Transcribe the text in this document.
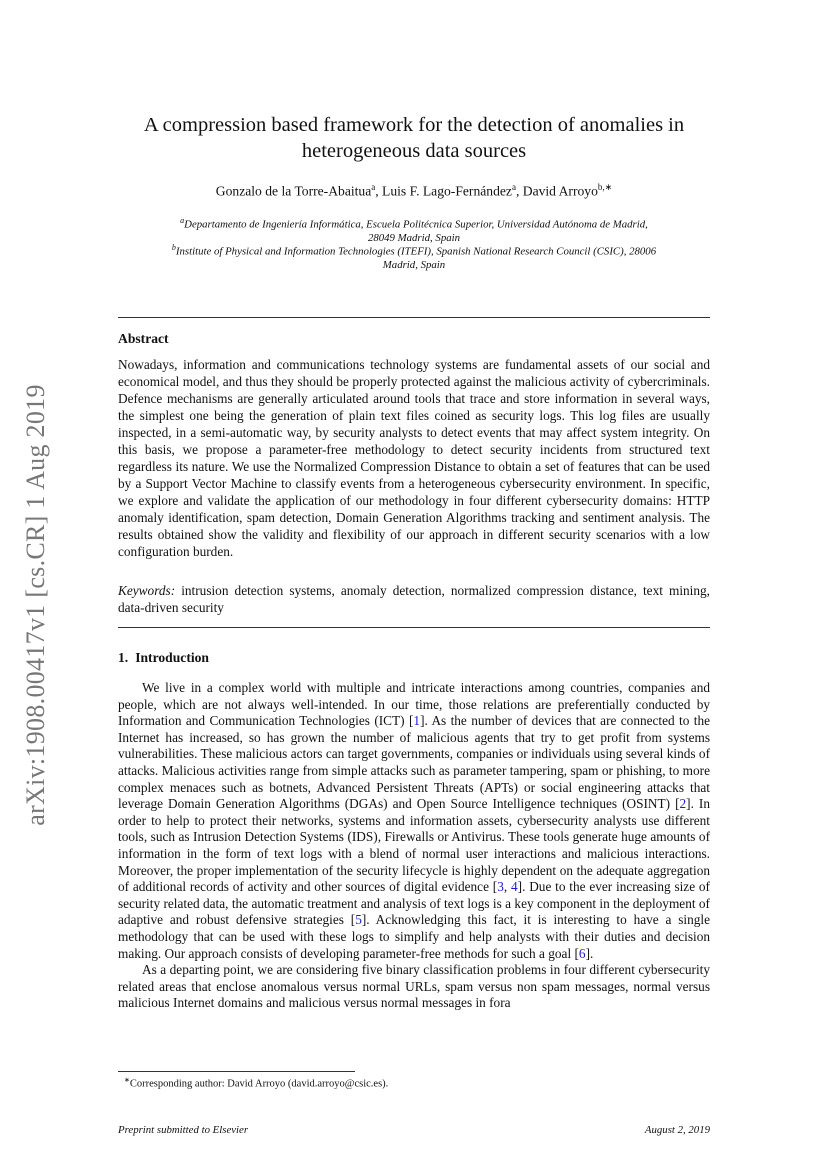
arXiv:1908.00417v1 [cs.CR] 1 Aug 2019
A compression based framework for the detection of anomalies in
heterogeneous data sources
Gonzalo de la Torre-Abaitua$^a$, Luis F. Lago-Fernández$^a$, David Arroyo$^{b,∗}$
$^a$Departamento de Ingeniería Informática, Escuela Politécnica Superior, Universidad Autónoma de Madrid,
28049 Madrid, Spain
$^b$Institute of Physical and Information Technologies (ITEFI), Spanish National Research Council (CSIC), 28006
Madrid, Spain
Abstract
Nowadays, information and communications technology systems are fundamental assets of our social and economical model, and thus they should be properly protected against the malicious activity of cybercriminals. Defence mechanisms are generally articulated around tools that trace and store information in several ways, the simplest one being the generation of plain text files coined as security logs. This log files are usually inspected, in a semi-automatic way, by security analysts to detect events that may affect system integrity. On this basis, we propose a parameter-free methodology to detect security incidents from structured text regardless its nature. We use the Normalized Compression Distance to obtain a set of features that can be used by a Support Vector Machine to classify events from a heterogeneous cybersecurity environment. In specific, we explore and validate the application of our methodology in four different cybersecurity domains: HTTP anomaly identification, spam detection, Domain Generation Algorithms tracking and sentiment analysis. The results obtained show the validity and flexibility of our approach in different security scenarios with a low configuration burden.
Keywords: intrusion detection systems, anomaly detection, normalized compression distance, text mining, data-driven security
1. Introduction

We live in a complex world with multiple and intricate interactions among countries, companies and people, which are not always well-intended. In our time, those relations are preferentially conducted by Information and Communication Technologies (ICT) [1]. As the number of devices that are connected to the Internet has increased, so has grown the number of malicious agents that try to get profit from systems vulnerabilities. These malicious actors can target governments, companies or individuals using several kinds of attacks. Malicious activities range from simple attacks such as parameter tampering, spam or phishing, to more complex menaces such as botnets, Advanced Persistent Threats (APTs) or social engineering attacks that leverage Domain Generation Algorithms (DGAs) and Open Source Intelligence techniques (OSINT) [2]. In order to help to protect their networks, systems and information assets, cybersecurity analysts use different tools, such as Intrusion Detection Systems (IDS), Firewalls or Antivirus. These tools generate huge amounts of information in the form of text logs with a blend of normal user interactions and malicious interactions. Moreover, the proper implementation of the security lifecycle is highly dependent on the adequate aggregation of additional records of activity and other sources of digital evidence [3, 4]. Due to the ever increasing size of security related data, the automatic treatment and analysis of text logs is a key component in the deployment of adaptive and robust defensive strategies [5]. Acknowledging this fact, it is interesting to have a single methodology that can be used with these logs to simplify and help analysts with their duties and decision making. Our approach consists of developing parameter-free methods for such a goal [6].

As a departing point, we are considering five binary classification problems in four different cybersecurity related areas that enclose anomalous versus normal URLs, spam versus non spam messages, normal versus malicious Internet domains and malicious versus normal messages in fora

∗Corresponding author: David Arroyo (david.arroyo@csic.es).
Preprint submitted to Elsevier	August 2, 2019
